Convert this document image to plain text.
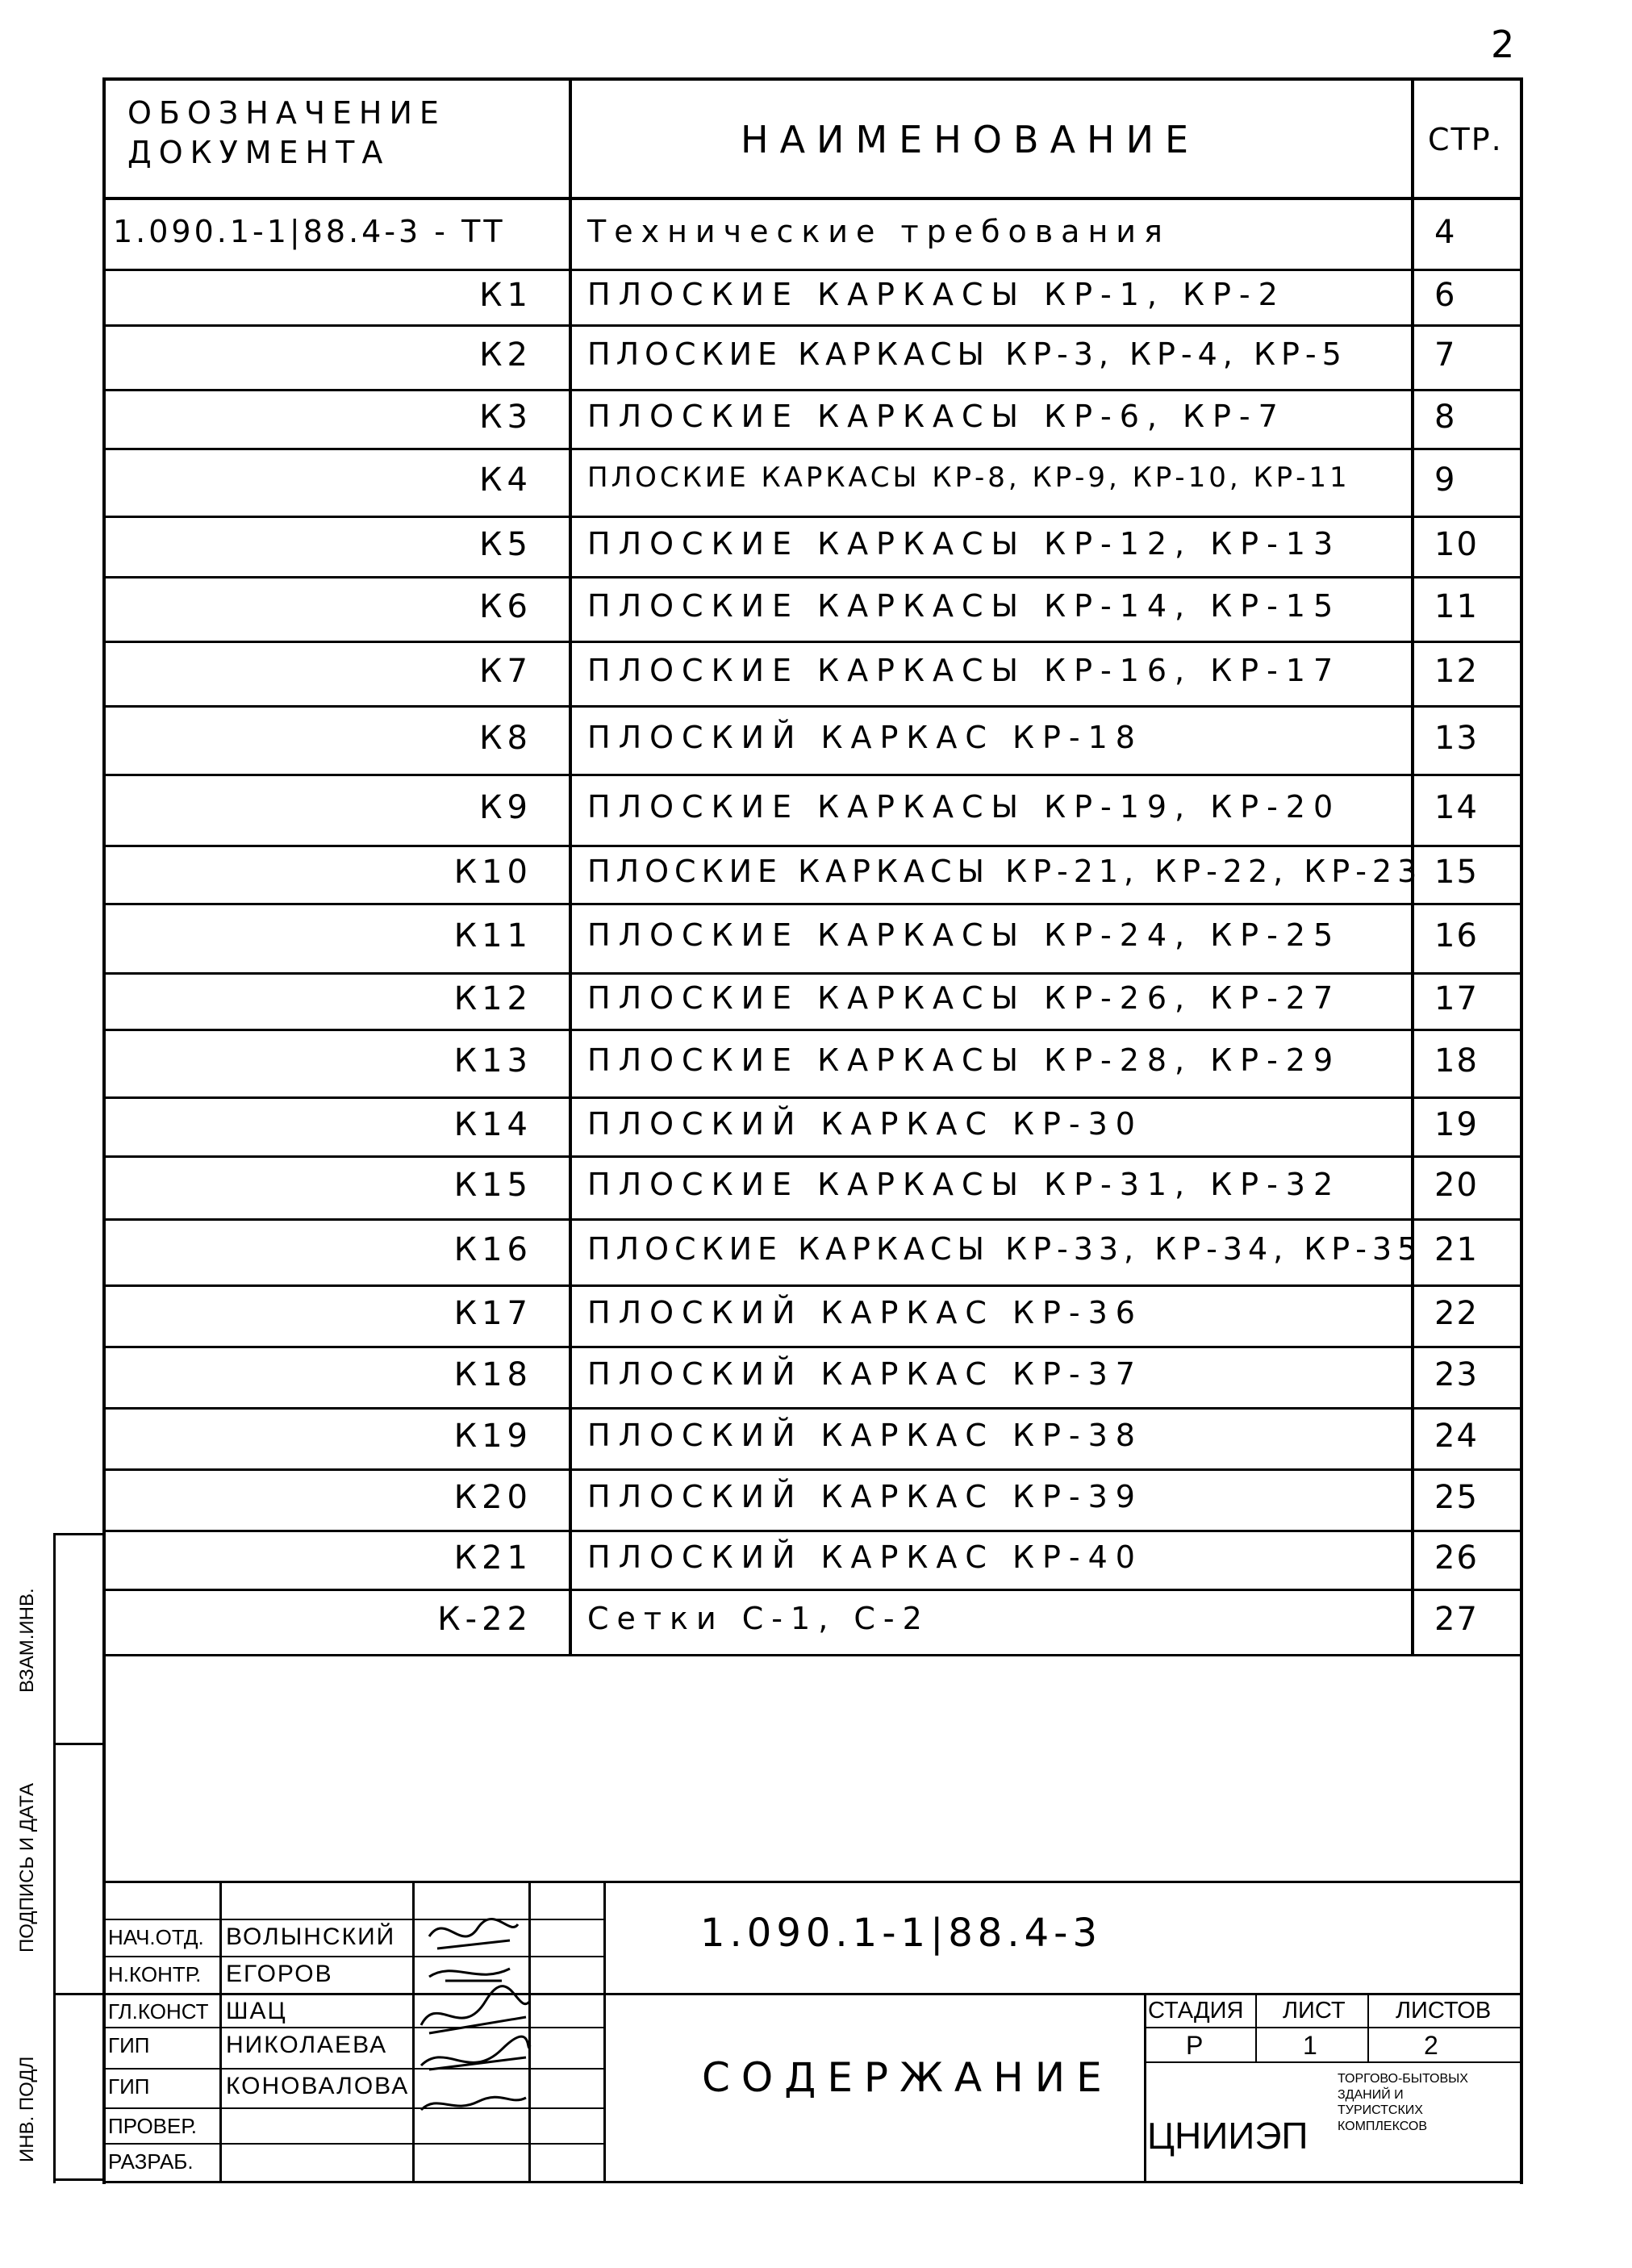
2
ОБОЗНАЧЕНИЕ ДОКУМЕНТА	НАИМЕНОВАНИЕ	СТР.
1.090.1-1|88.4-3 - ТТ	Технические требования	4
К1 ПЛОСКИЕ КАРКАСЫ КР-1, КР-2	6
К2 ПЛОСКИЕ КАРКАСЫ КР-3, КР-4, КР-5	7
К3 ПЛОСКИЕ КАРКАСЫ КР-6, КР-7	8
К4 ПЛОСКИЕ КАРКАСЫ КР-8, КР-9, КР-10, КР-11	9
К5 ПЛОСКИЕ КАРКАСЫ КР-12, КР-13	10
К6 ПЛОСКИЕ КАРКАСЫ КР-14, КР-15	11
К7 ПЛОСКИЕ КАРКАСЫ КР-16, КР-17	12
К8 ПЛОСКИЙ КАРКАС КР-18	13
К9 ПЛОСКИЕ КАРКАСЫ КР-19, КР-20	14
К10 ПЛОСКИЕ КАРКАСЫ КР-21, КР-22, КР-23 15
К11 ПЛОСКИЕ КАРКАСЫ КР-24, КР-25	16
К12 ПЛОСКИЕ КАРКАСЫ КР-26, КР-27	17
К13 ПЛОСКИЕ КАРКАСЫ КР-28, КР-29	18
К14 ПЛОСКИЙ КАРКАС КР-30	19
К15 ПЛОСКИЕ КАРКАСЫ КР-31, КР-32	20
К16 ПЛОСКИЕ КАРКАСЫ КР-33, КР-34, КР-35 21
К17 ПЛОСКИЙ КАРКАС КР-36	22
К18 ПЛОСКИЙ КАРКАС КР-37	23
К19 ПЛОСКИЙ КАРКАС КР-38	24
К20 ПЛОСКИЙ КАРКАС КР-39	25
К21 ПЛОСКИЙ КАРКАС КР-40	26
К-22 Сетки С-1, С-2	27
ВЗАМ.ИНВ.
ПОДПИСЬ И ДАТА
ИНВ. ПОДЛ
НАЧ.ОТД. ВОЛЫНСКИЙ
Н.КОНТР. ЕГОРОВ
ГЛ.КОНСТ ШАЦ
ГИП	НИКОЛАЕВА
ГИП	КОНОВАЛОВА
ПРОВЕР.
РАЗРАБ.
1.090.1-1|88.4-3
СОДЕРЖАНИЕ
СТАДИЯ ЛИСТ ЛИСТОВ
Р	1	2
ЦНИИЭП
ТОРГОВО-БЫТОВЫХ ЗДАНИЙ И ТУРИСТСКИХ КОМПЛЕКСОВ
